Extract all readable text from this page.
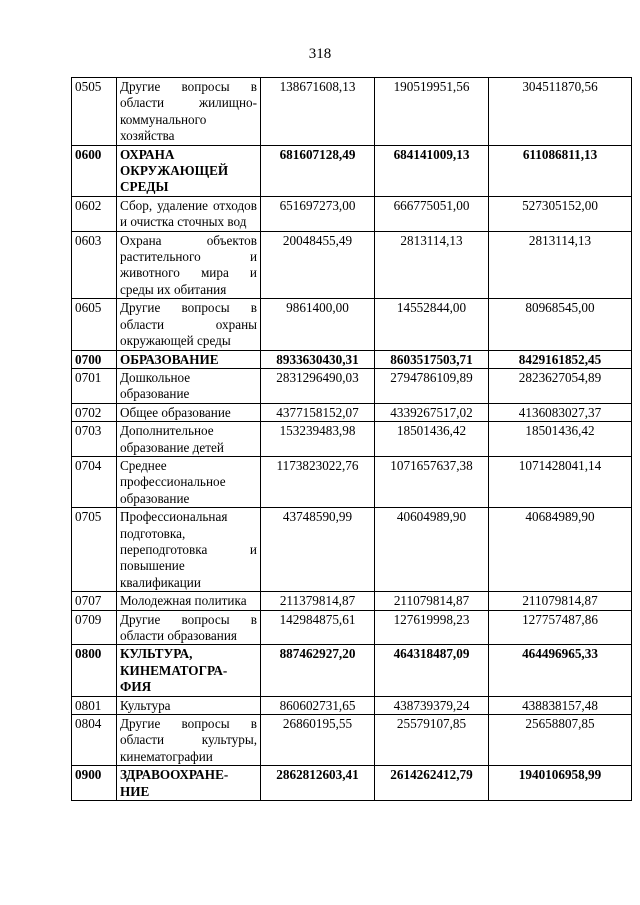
318
0505	Другие вопросы в области жилищно-коммунального хозяйства	138671608,13	190519951,56	304511870,56
0600	ОХРАНА ОКРУЖАЮЩЕЙ СРЕДЫ	681607128,49	684141009,13	611086811,13
0602	Сбор, удаление отходов и очистка сточных вод	651697273,00	666775051,00	527305152,00
0603	Охрана объектов растительного и животного мира и среды их обитания	20048455,49	2813114,13	2813114,13
0605	Другие вопросы в области охраны окружающей среды	9861400,00	14552844,00	80968545,00
0700	ОБРАЗОВАНИЕ	8933630430,31	8603517503,71	8429161852,45
0701	Дошкольное образование	2831296490,03	2794786109,89	2823627054,89
0702	Общее образование	4377158152,07	4339267517,02	4136083027,37
0703	Дополнительное образование детей	153239483,98	18501436,42	18501436,42
0704	Среднее профессиональное образование	1173823022,76	1071657637,38	1071428041,14
0705	Профессиональная подготовка, переподготовка и повышение квалификации	43748590,99	40604989,90	40684989,90
0707	Молодежная политика	211379814,87	211079814,87	211079814,87
0709	Другие вопросы в области образования	142984875,61	127619998,23	127757487,86
0800	КУЛЬТУРА, КИНЕМАТОГРА-ФИЯ	887462927,20	464318487,09	464496965,33
0801	Культура	860602731,65	438739379,24	438838157,48
0804	Другие вопросы в области культуры, кинематографии	26860195,55	25579107,85	25658807,85
0900	ЗДРАВООХРАНЕ-НИЕ	2862812603,41	2614262412,79	1940106958,99
